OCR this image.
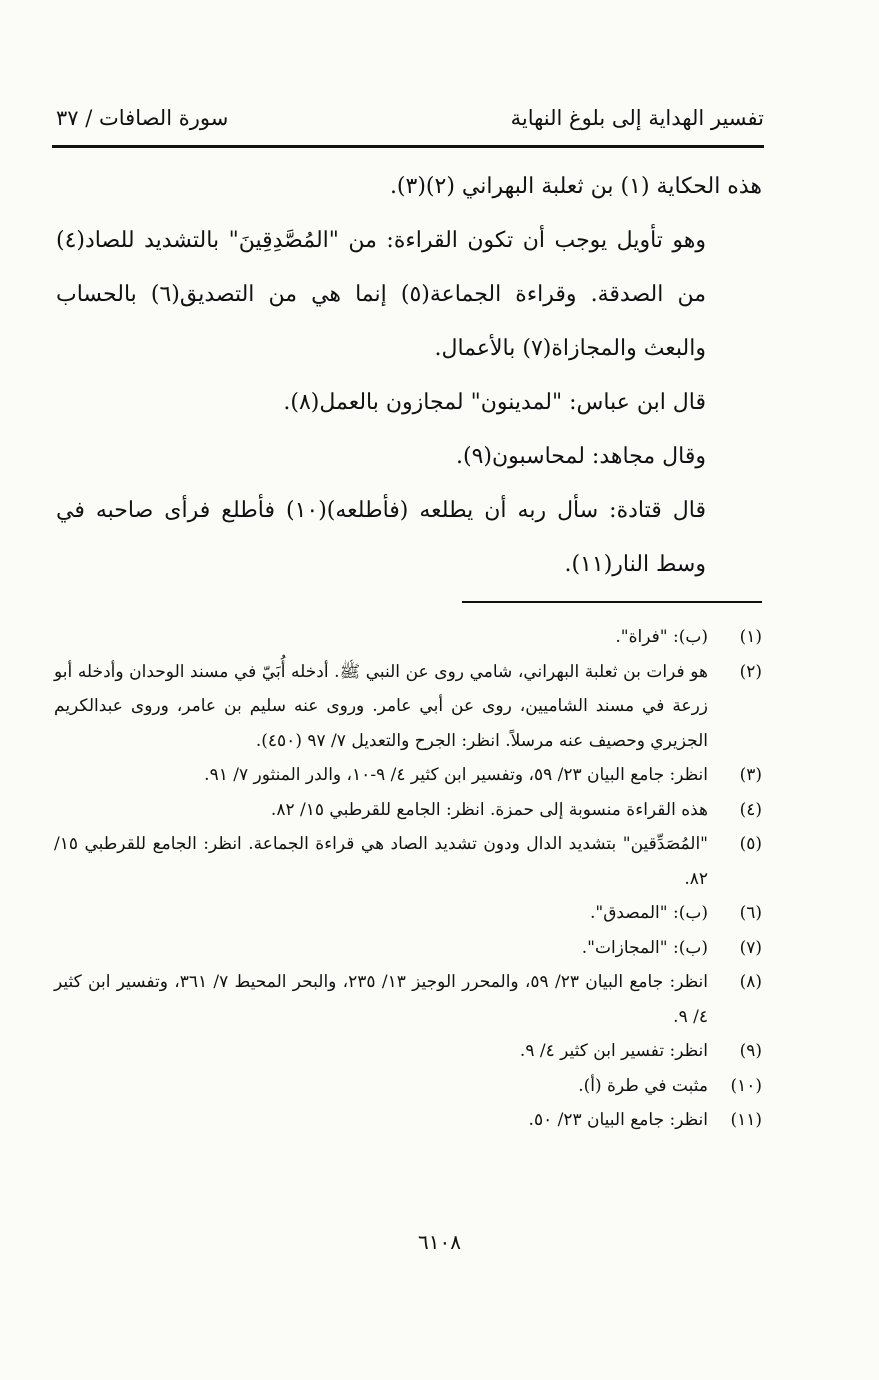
تفسير الهداية إلى بلوغ النهاية
سورة الصافات / ٣٧

هذه الحكاية (١) بن ثعلبة البهراني (٢)(٣).

وهو تأويل يوجب أن تكون القراءة: من "المُصَّدِقِينَ" بالتشديد للصاد(٤) من الصدقة. وقراءة الجماعة(٥) إنما هي من التصديق(٦) بالحساب والبعث والمجازاة(٧) بالأعمال.

قال ابن عباس: "لمدينون" لمجازون بالعمل(٨).

وقال مجاهد: لمحاسبون(٩).

قال قتادة: سأل ربه أن يطلعه (فأطلعه)(١٠) فأطلع فرأى صاحبه في وسط النار(١١).

(١)
(ب): "فراة".
(٢)
هو فرات بن ثعلبة البهراني، شامي روى عن النبي ﷺ. أدخله أُبَيّ في مسند الوحدان وأدخله أبو زرعة في مسند الشاميين، روى عن أبي عامر. وروى عنه سليم بن عامر، وروى عبدالكريم الجزيري وحصيف عنه مرسلاً. انظر: الجرح والتعديل ٧/ ٩٧ (٤٥٠).
(٣)
انظر: جامع البيان ٢٣/ ٥٩، وتفسير ابن كثير ٤/ ٩-١٠، والدر المنثور ٧/ ٩١.
(٤)
هذه القراءة منسوبة إلى حمزة. انظر: الجامع للقرطبي ١٥/ ٨٢.
(٥)
"المُصَدِّقين" بتشديد الدال ودون تشديد الصاد هي قراءة الجماعة. انظر: الجامع للقرطبي ١٥/ ٨٢.
(٦)
(ب): "المصدق".
(٧)
(ب): "المجازات".
(٨)
انظر: جامع البيان ٢٣/ ٥٩، والمحرر الوجيز ١٣/ ٢٣٥، والبحر المحيط ٧/ ٣٦١، وتفسير ابن كثير ٤/ ٩.
(٩)
انظر: تفسير ابن كثير ٤/ ٩.
(١٠)
مثبت في طرة (أ).
(١١)
انظر: جامع البيان ٢٣/ ٥٠.
٦١٠٨
